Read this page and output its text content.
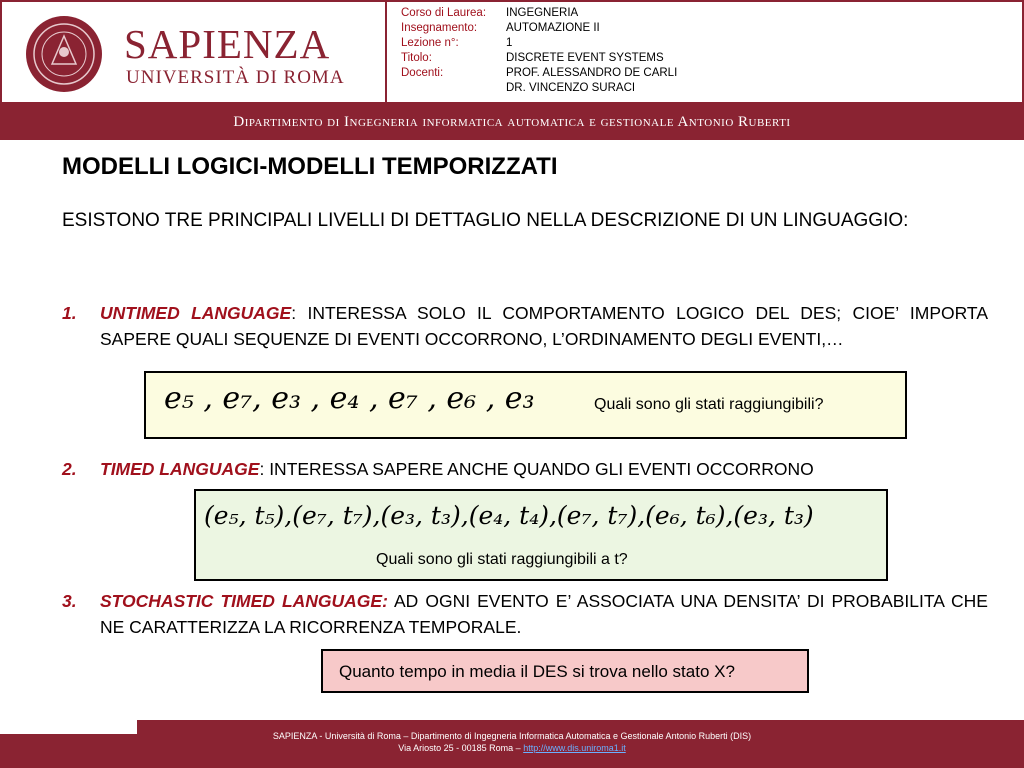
SAPIENZA
UNIVERSITÀ DI ROMA
Corso di Laurea: INGEGNERIA
Insegnamento:	AUTOMAZIONE II
Lezione n°:	1
Titolo:	DISCRETE EVENT SYSTEMS
Docenti:	PROF. ALESSANDRO DE CARLI
DR. VINCENZO SURACI
Dipartimento di Ingegneria informatica automatica e gestionale Antonio Ruberti
MODELLI LOGICI-MODELLI TEMPORIZZATI
ESISTONO TRE PRINCIPALI LIVELLI DI DETTAGLIO NELLA DESCRIZIONE DI UN LINGUAGGIO:
1. UNTIMED LANGUAGE: INTERESSA SOLO IL COMPORTAMENTO LOGICO DEL DES; CIOE’ IMPORTA SAPERE QUALI SEQUENZE DI EVENTI OCCORRONO, L’ORDINAMENTO DEGLI EVENTI,…
e₅ , e₇, e₃ , e₄ , e₇ , e₆ , e₃	Quali sono gli stati raggiungibili?
2. TIMED LANGUAGE: INTERESSA SAPERE ANCHE QUANDO GLI EVENTI OCCORRONO
(e₅, t₅),(e₇, t₇),(e₃, t₃),(e₄, t₄),(e₇, t₇),(e₆, t₆),(e₃, t₃)
Quali sono gli stati raggiungibili a t?
3. STOCHASTIC TIMED LANGUAGE: AD OGNI EVENTO E’ ASSOCIATA UNA DENSITA’ DI PROBABILITA CHE NE CARATTERIZZA LA RICORRENZA TEMPORALE.
Quanto tempo in media il DES si trova nello stato X?
SAPIENZA - Università di Roma – Dipartimento di Ingegneria Informatica Automatica e Gestionale Antonio Ruberti (DIS)
Via Ariosto 25 - 00185 Roma – http://www.dis.uniroma1.it
